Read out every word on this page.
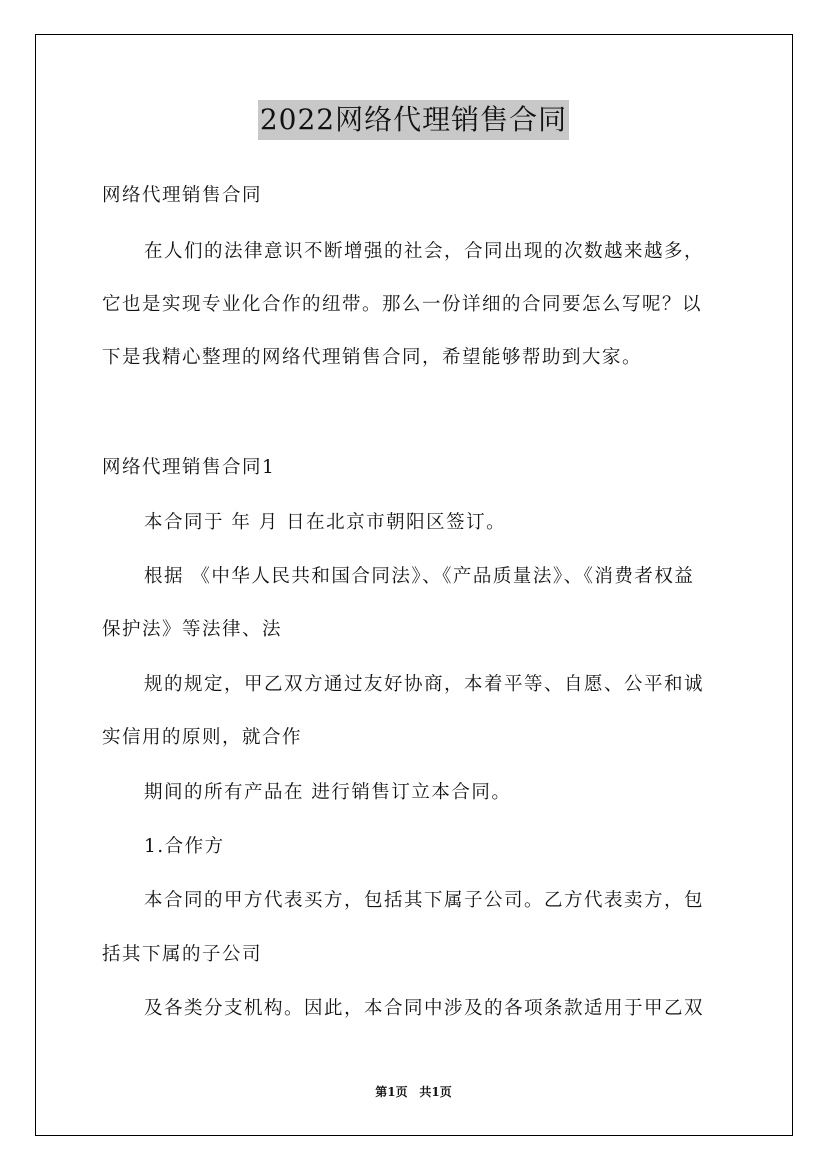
2022网络代理销售合同
网络代理销售合同
在人们的法律意识不断增强的社会，合同出现的次数越来越多，
它也是实现专业化合作的纽带。那么一份详细的合同要怎么写呢？以
下是我精心整理的网络代理销售合同，希望能够帮助到大家。
网络代理销售合同1
本合同于 年 月 日在北京市朝阳区签订。
根据 《中华人民共和国合同法》、《产品质量法》、《消费者权益
保护法》等法律、法
规的规定，甲乙双方通过友好协商，本着平等、自愿、公平和诚
实信用的原则，就合作
期间的所有产品在 进行销售订立本合同。
1.合作方
本合同的甲方代表买方，包括其下属子公司。乙方代表卖方，包
括其下属的子公司
及各类分支机构。因此，本合同中涉及的各项条款适用于甲乙双
第1页 共1页
